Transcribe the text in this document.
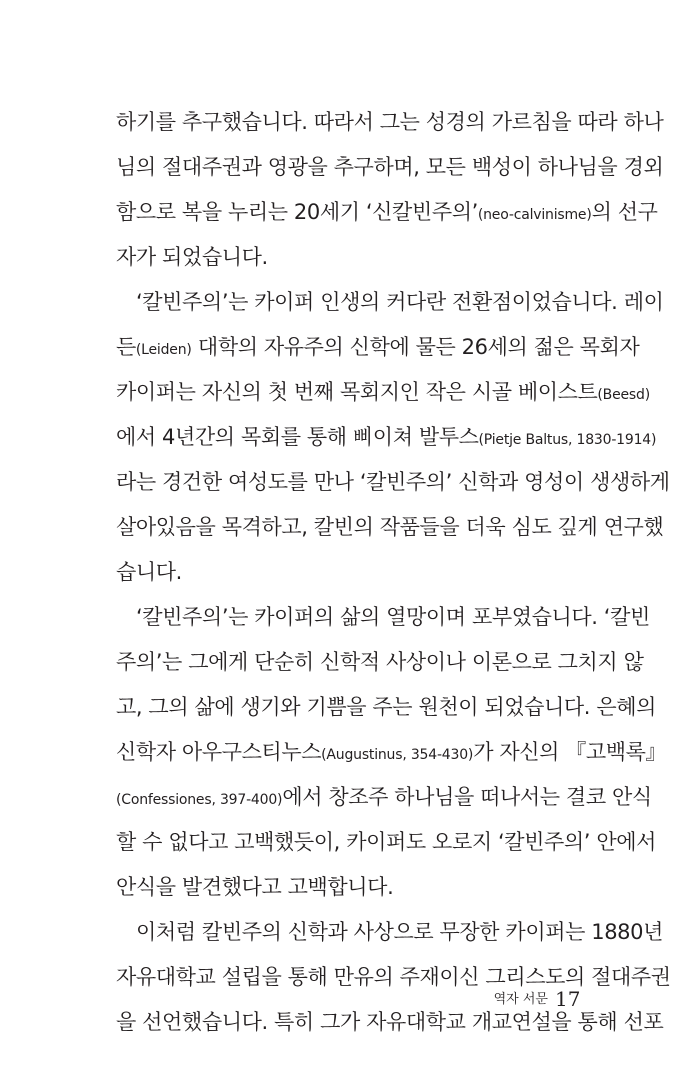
하기를 추구했습니다. 따라서 그는 성경의 가르침을 따라 하나
님의 절대주권과 영광을 추구하며, 모든 백성이 하나님을 경외
함으로 복을 누리는 20세기 ‘신칼빈주의’(neo-calvinisme)의 선구
자가 되었습니다.
‘칼빈주의’는 카이퍼 인생의 커다란 전환점이었습니다. 레이
든(Leiden) 대학의 자유주의 신학에 물든 26세의 젊은 목회자
카이퍼는 자신의 첫 번째 목회지인 작은 시골 베이스트(Beesd)
에서 4년간의 목회를 통해 삐이쳐 발투스(Pietje Baltus, 1830-1914)
라는 경건한 여성도를 만나 ‘칼빈주의’ 신학과 영성이 생생하게
살아있음을 목격하고, 칼빈의 작품들을 더욱 심도 깊게 연구했
습니다.
‘칼빈주의’는 카이퍼의 삶의 열망이며 포부였습니다. ‘칼빈
주의’는 그에게 단순히 신학적 사상이나 이론으로 그치지 않
고, 그의 삶에 생기와 기쁨을 주는 원천이 되었습니다. 은혜의
신학자 아우구스티누스(Augustinus, 354-430)가 자신의 『고백록』
(Confessiones, 397-400)에서 창조주 하나님을 떠나서는 결코 안식
할 수 없다고 고백했듯이, 카이퍼도 오로지 ‘칼빈주의’ 안에서
안식을 발견했다고 고백합니다.
이처럼 칼빈주의 신학과 사상으로 무장한 카이퍼는 1880년
자유대학교 설립을 통해 만유의 주재이신 그리스도의 절대주권
을 선언했습니다. 특히 그가 자유대학교 개교연설을 통해 선포
역자 서문 17
